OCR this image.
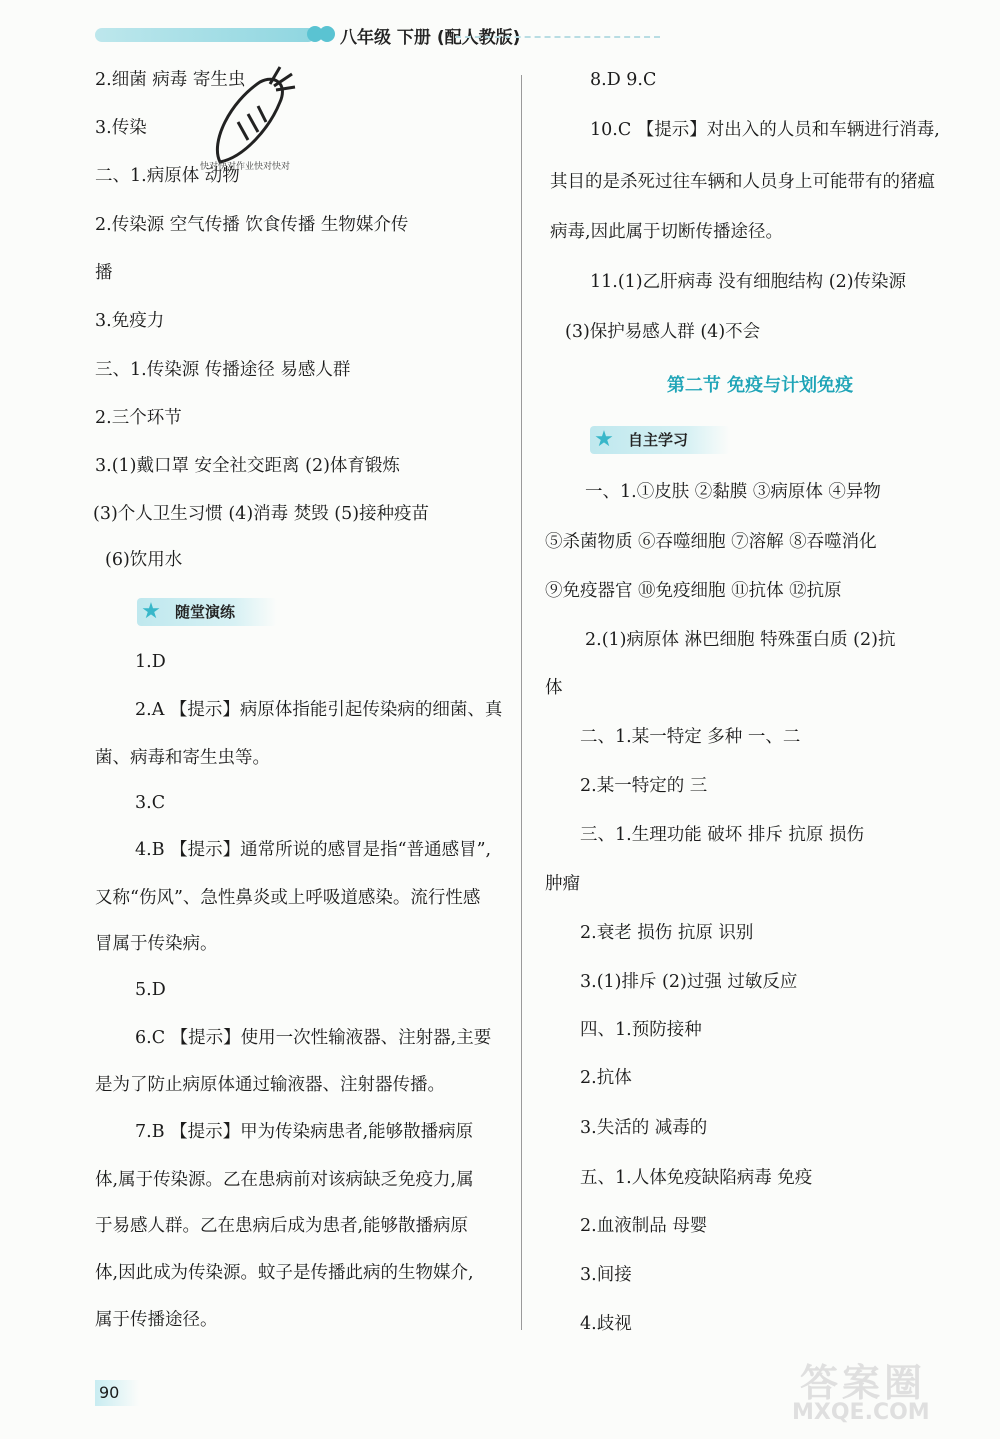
八年级 下册 (配人教版)
快对快对作业快对快对
2.细菌 病毒 寄生虫
3.传染
二、1.病原体 动物
2.传染源 空气传播 饮食传播 生物媒介传
播
3.免疫力
三、1.传染源 传播途径 易感人群
2.三个环节
3.(1)戴口罩 安全社交距离 (2)体育锻炼
(3)个人卫生习惯 (4)消毒 焚毁 (5)接种疫苗
(6)饮用水
★ 随堂演练
1.D
2.A 【提示】病原体指能引起传染病的细菌、真
菌、病毒和寄生虫等。
3.C
4.B 【提示】通常所说的感冒是指“普通感冒”,
又称“伤风”、急性鼻炎或上呼吸道感染。流行性感
冒属于传染病。
5.D
6.C 【提示】使用一次性输液器、注射器,主要
是为了防止病原体通过输液器、注射器传播。
7.B 【提示】甲为传染病患者,能够散播病原
体,属于传染源。乙在患病前对该病缺乏免疫力,属
于易感人群。乙在患病后成为患者,能够散播病原
体,因此成为传染源。蚊子是传播此病的生物媒介,
属于传播途径。
8.D 9.C
10.C 【提示】对出入的人员和车辆进行消毒,
其目的是杀死过往车辆和人员身上可能带有的猪瘟
病毒,因此属于切断传播途径。
11.(1)乙肝病毒 没有细胞结构 (2)传染源
(3)保护易感人群 (4)不会
第二节 免疫与计划免疫
★ 自主学习
一、1.①皮肤 ②黏膜 ③病原体 ④异物
⑤杀菌物质 ⑥吞噬细胞 ⑦溶解 ⑧吞噬消化
⑨免疫器官 ⑩免疫细胞 ⑪抗体 ⑫抗原
2.(1)病原体 淋巴细胞 特殊蛋白质 (2)抗
体
二、1.某一特定 多种 一、二
2.某一特定的 三
三、1.生理功能 破坏 排斥 抗原 损伤
肿瘤
2.衰老 损伤 抗原 识别
3.(1)排斥 (2)过强 过敏反应
四、1.预防接种
2.抗体
3.失活的 减毒的
五、1.人体免疫缺陷病毒 免疫
2.血液制品 母婴
3.间接
4.歧视
90	答案圈
MXQE.COM
